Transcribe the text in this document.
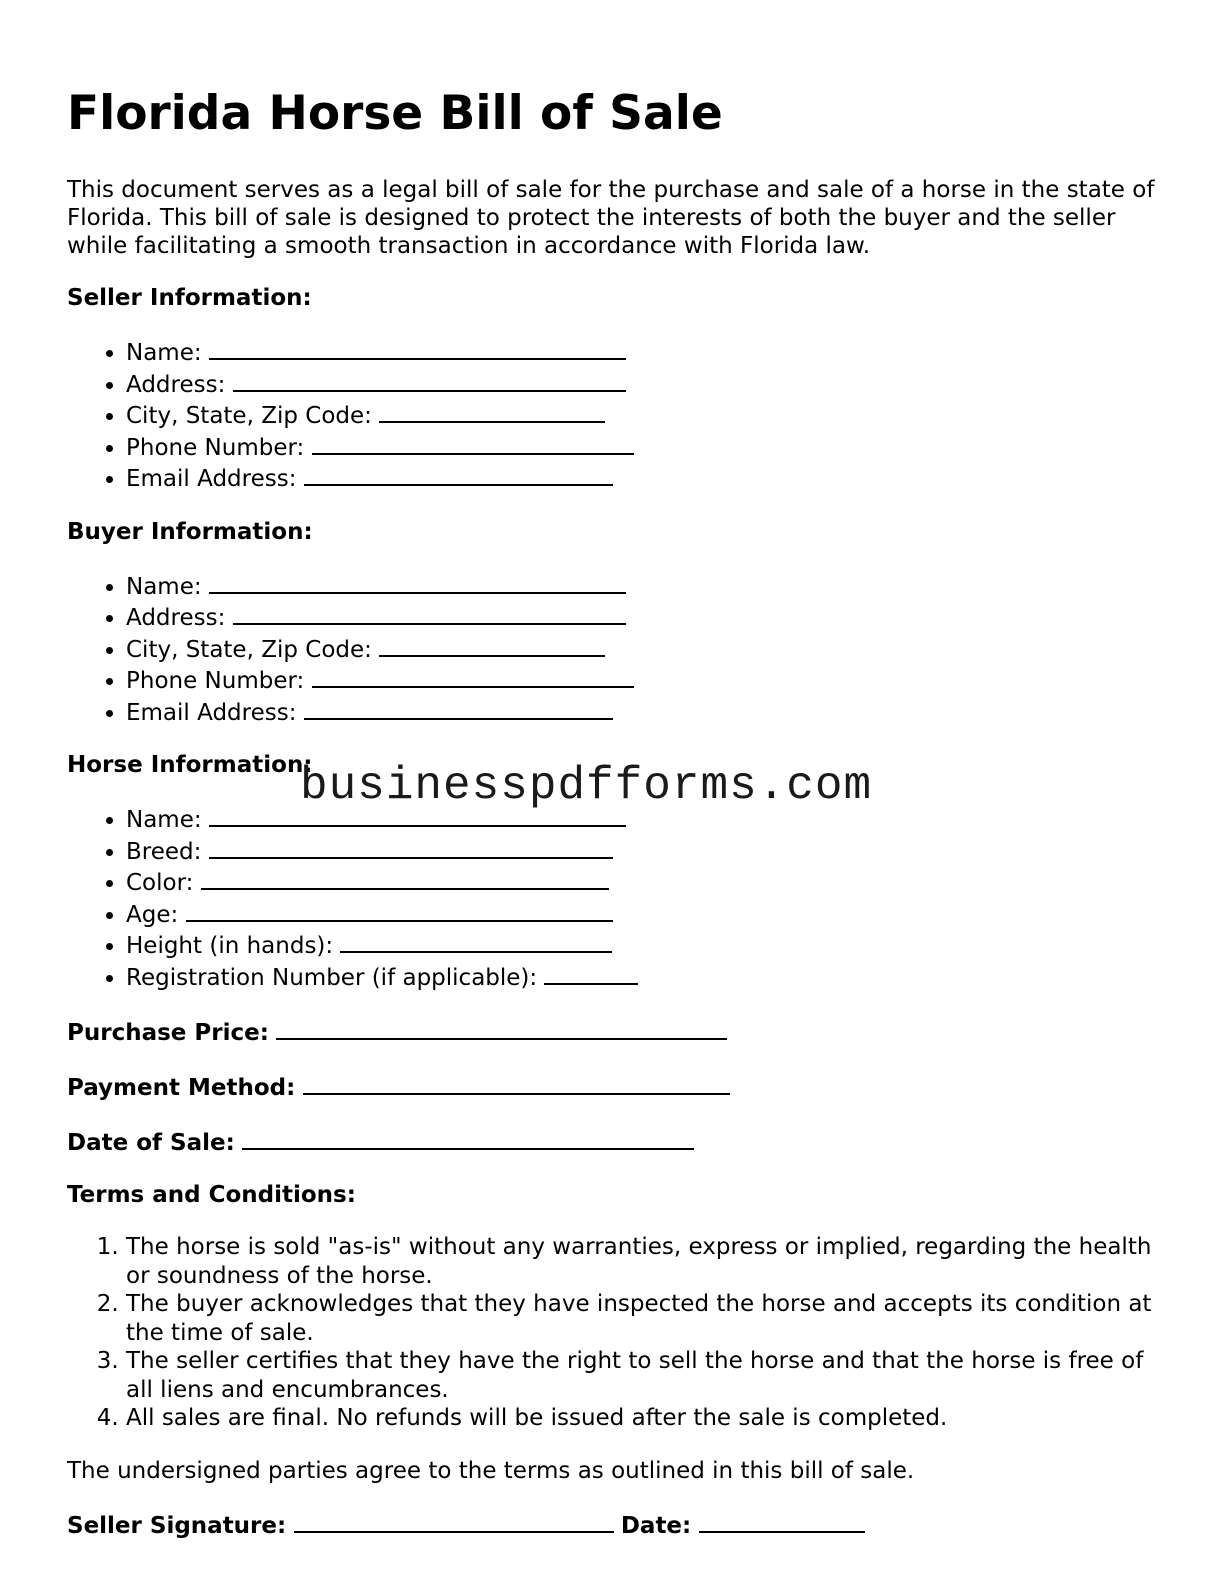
Florida Horse Bill of Sale

This document serves as a legal bill of sale for the purchase and sale of a horse in the state of Florida. This bill of sale is designed to protect the interests of both the buyer and the seller while facilitating a smooth transaction in accordance with Florida law.

Seller Information:
• Name:
• Address:
• City, State, Zip Code:
• Phone Number:
• Email Address:
Buyer Information:
• Name:
• Address:
• City, State, Zip Code:
• Phone Number:
• Email Address:
Horse Information:
• Name:
• Breed:
• Color:
• Age:
• Height (in hands):
• Registration Number (if applicable):
Purchase Price:
Payment Method:
Date of Sale:
Terms and Conditions:
1. The horse is sold "as-is" without any warranties, express or implied, regarding the health or soundness of the horse.
2. The buyer acknowledges that they have inspected the horse and accepts its condition at the time of sale.
3. The seller certifies that they have the right to sell the horse and that the horse is free of all liens and encumbrances.
4. All sales are final. No refunds will be issued after the sale is completed.

The undersigned parties agree to the terms as outlined in this bill of sale.

Seller Signature:	Date:
businesspdfforms.com
